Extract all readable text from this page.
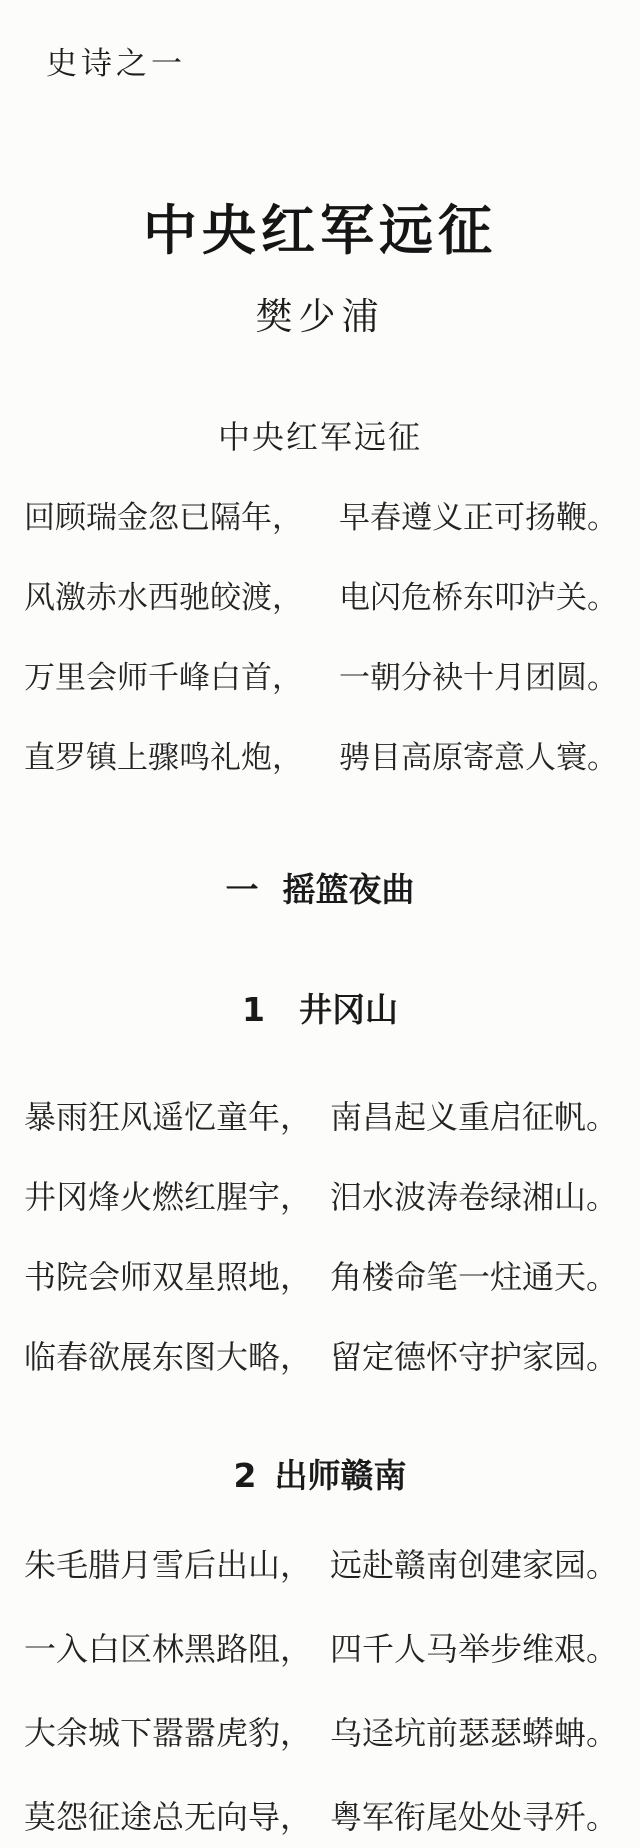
史诗之一
中央红军远征
樊少浦
中央红军远征
回顾瑞金忽已隔年， 早春遵义正可扬鞭。
风激赤水西驰皎渡， 电闪危桥东叩泸关。
万里会师千峰白首， 一朝分袂十月团圆。
直罗镇上骤鸣礼炮， 骋目高原寄意人寰。
一 摇篮夜曲
1 井冈山
暴雨狂风遥忆童年， 南昌起义重启征帆。
井冈烽火燃红腥宇， 汨水波涛卷绿湘山。
书院会师双星照地， 角楼命笔一炷通天。
临春欲展东图大略， 留定德怀守护家园。
2 出师赣南
朱毛腊月雪后出山， 远赴赣南创建家园。
一入白区林黑路阻， 四千人马举步维艰。
大余城下嚣嚣虎豹， 乌迳坑前瑟瑟蟒蚺。
莫怨征途总无向导， 粤军衔尾处处寻歼。
